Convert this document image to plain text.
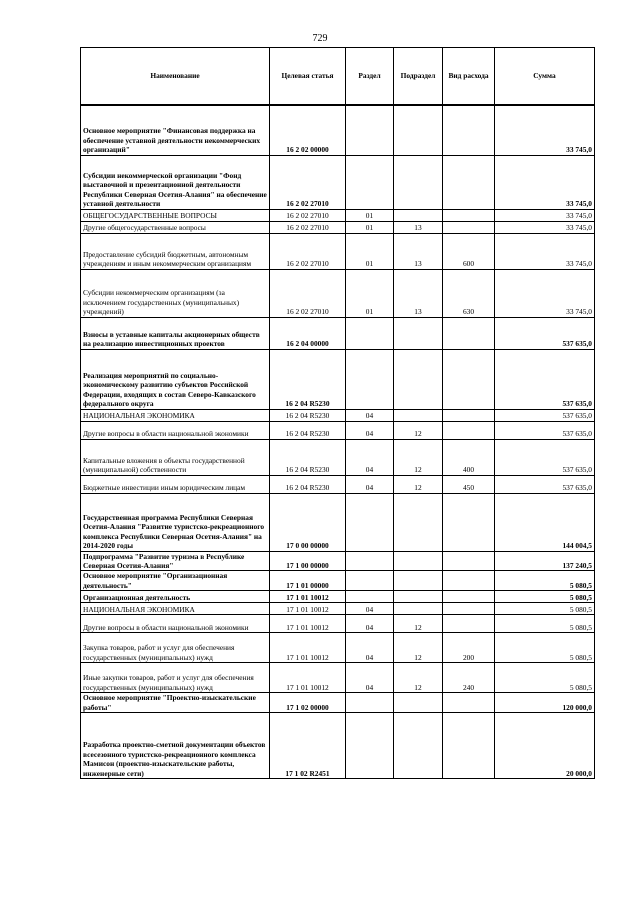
729
Наименование	Целевая статья	Раздел	Подраздел	Вид расхода	Сумма
Основное мероприятие "Финансовая поддержка на обеспечение уставной деятельности некоммерческих организаций"	16 2 02 00000				33 745,0
Субсидии некоммерческой организации "Фонд выставочной и презентационной деятельности Республики Северная Осетия-Алания" на обеспечение уставной деятельности	16 2 02 27010				33 745,0
ОБЩЕГОСУДАРСТВЕННЫЕ ВОПРОСЫ	16 2 02 27010	01			33 745,0
Другие общегосударственные вопросы	16 2 02 27010	01	13		33 745,0
Предоставление субсидий бюджетным, автономным учреждениям и иным некоммерческим организациям	16 2 02 27010	01	13	600	33 745,0
Субсидии некоммерческим организациям (за исключением государственных (муниципальных) учреждений)	16 2 02 27010	01	13	630	33 745,0
Взносы в уставные капиталы акционерных обществ на реализацию инвестиционных проектов	16 2 04 00000				537 635,0
Реализация мероприятий по социально-экономическому развитию субъектов Российской Федерации, входящих в состав Северо-Кавказского федерального округа	16 2 04 R5230				537 635,0
НАЦИОНАЛЬНАЯ ЭКОНОМИКА	16 2 04 R5230	04			537 635,0
Другие вопросы в области национальной экономики	16 2 04 R5230	04	12		537 635,0
Капитальные вложения в объекты государственной (муниципальной) собственности	16 2 04 R5230	04	12	400	537 635,0
Бюджетные инвестиции иным юридическим лицам	16 2 04 R5230	04	12	450	537 635,0
Государственная программа Республики Северная Осетия-Алания "Развитие туристско-рекреационного комплекса Республики Северная Осетия-Алания" на 2014-2020 годы	17 0 00 00000				144 004,5
Подпрограмма "Развитие туризма в Республике Северная Осетия-Алания"	17 1 00 00000				137 240,5
Основное мероприятие "Организационная деятельность"	17 1 01 00000				5 080,5
Организационная деятельность	17 1 01 10012				5 080,5
НАЦИОНАЛЬНАЯ ЭКОНОМИКА	17 1 01 10012	04			5 080,5
Другие вопросы в области национальной экономики	17 1 01 10012	04	12		5 080,5
Закупка товаров, работ и услуг для обеспечения государственных (муниципальных) нужд	17 1 01 10012	04	12	200	5 080,5
Иные закупки товаров, работ и услуг для обеспечения государственных (муниципальных) нужд	17 1 01 10012	04	12	240	5 080,5
Основное мероприятие "Проектно-изыскательские работы"	17 1 02 00000				120 000,0
Разработка проектно-сметной документации объектов всесезонного туристско-рекреационного комплекса Мамисон (проектно-изыскательские работы, инженерные сети)	17 1 02 R2451				20 000,0
